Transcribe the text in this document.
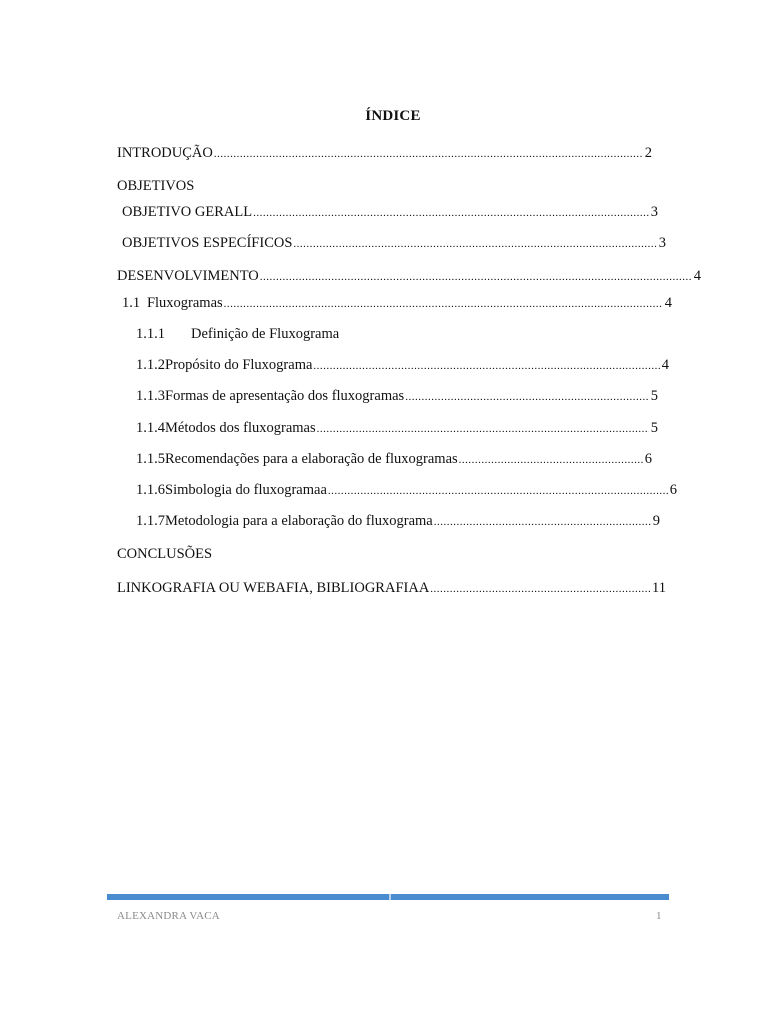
ÍNDICE
INTRODUÇÃO .....	2
OBJETIVOS
OBJETIVO GERALL .....	3
OBJETIVOS ESPECÍFICOS .....	3
DESENVOLVIMENTO .....	4
1.1 Fluxogramas .....	4
1.1.1	Definição de Fluxograma
1.1.2 Propósito do Fluxograma .....	4
1.1.3 Formas de apresentação dos fluxogramas .....	5
1.1.4 Métodos dos fluxogramas .....	5
1.1.5 Recomendações para a elaboração de fluxogramas .....	6
1.1.6 Simbologia do fluxogramaa .....	6
1.1.7 Metodologia para a elaboração do fluxograma .....	9
CONCLUSÕES
LINKOGRAFIA OU WEBAFIA, BIBLIOGRAFIAA .....	11
ALEXANDRA VACA	1
